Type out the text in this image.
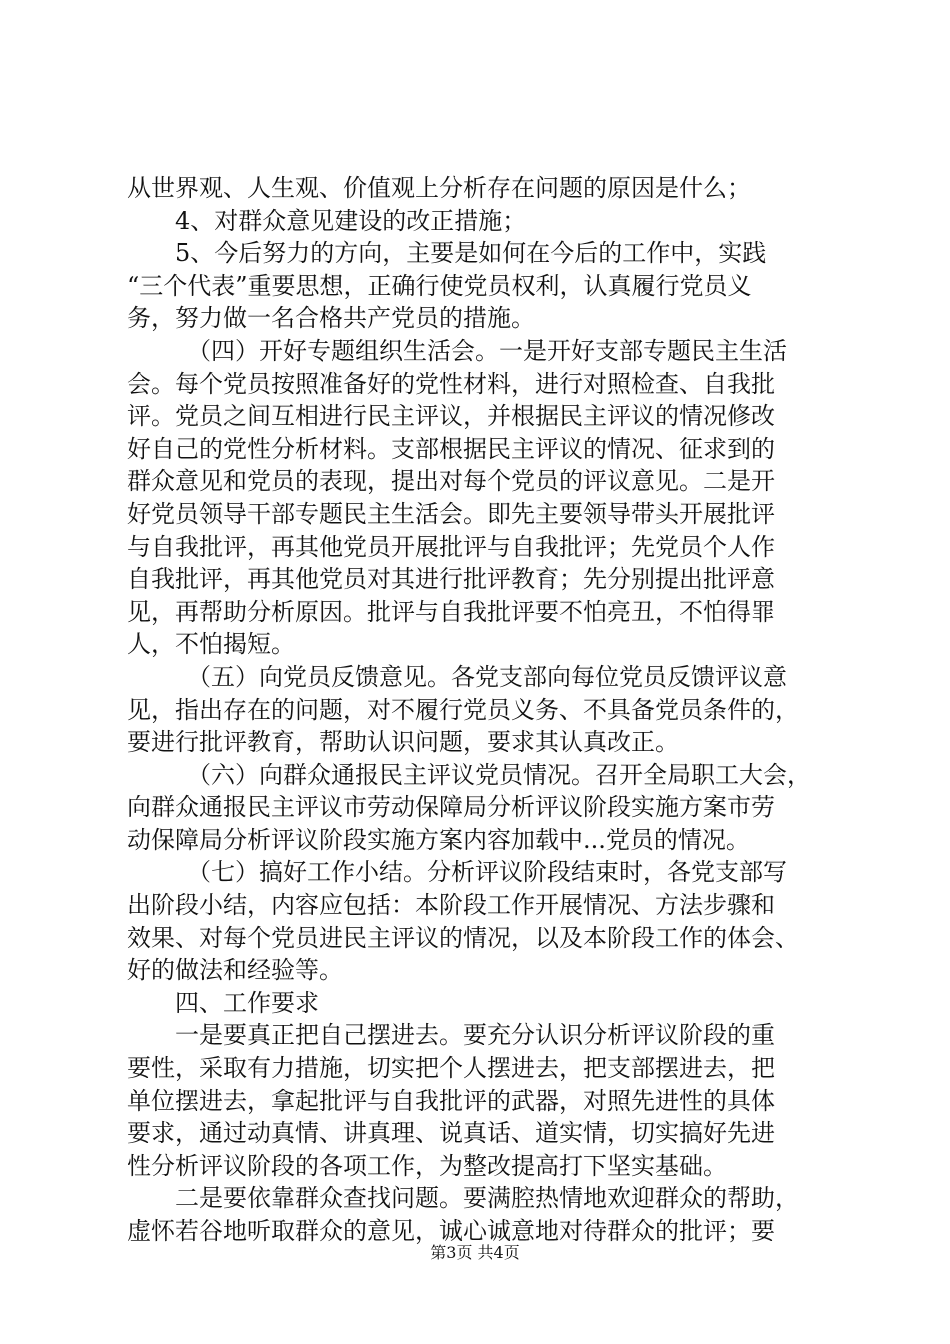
从世界观、人生观、价值观上分析存在问题的原因是什么；
4、对群众意见建设的改正措施；
5、今后努力的方向，主要是如何在今后的工作中，实践
“三个代表”重要思想，正确行使党员权利，认真履行党员义
务，努力做一名合格共产党员的措施。
（四）开好专题组织生活会。一是开好支部专题民主生活
会。每个党员按照准备好的党性材料，进行对照检查、自我批
评。党员之间互相进行民主评议，并根据民主评议的情况修改
好自己的党性分析材料。支部根据民主评议的情况、征求到的
群众意见和党员的表现，提出对每个党员的评议意见。二是开
好党员领导干部专题民主生活会。即先主要领导带头开展批评
与自我批评，再其他党员开展批评与自我批评；先党员个人作
自我批评，再其他党员对其进行批评教育；先分别提出批评意
见，再帮助分析原因。批评与自我批评要不怕亮丑，不怕得罪
人，不怕揭短。
（五）向党员反馈意见。各党支部向每位党员反馈评议意
见，指出存在的问题，对不履行党员义务、不具备党员条件的，
要进行批评教育，帮助认识问题，要求其认真改正。
（六）向群众通报民主评议党员情况。召开全局职工大会，
向群众通报民主评议市劳动保障局分析评议阶段实施方案市劳
动保障局分析评议阶段实施方案内容加载中...党员的情况。
（七）搞好工作小结。分析评议阶段结束时，各党支部写
出阶段小结，内容应包括：本阶段工作开展情况、方法步骤和
效果、对每个党员进民主评议的情况，以及本阶段工作的体会、
好的做法和经验等。
四、工作要求
一是要真正把自己摆进去。要充分认识分析评议阶段的重
要性，采取有力措施，切实把个人摆进去，把支部摆进去，把
单位摆进去，拿起批评与自我批评的武器，对照先进性的具体
要求，通过动真情、讲真理、说真话、道实情，切实搞好先进
性分析评议阶段的各项工作，为整改提高打下坚实基础。
二是要依靠群众查找问题。要满腔热情地欢迎群众的帮助，
虚怀若谷地听取群众的意见，诚心诚意地对待群众的批评；要
第3页 共4页
